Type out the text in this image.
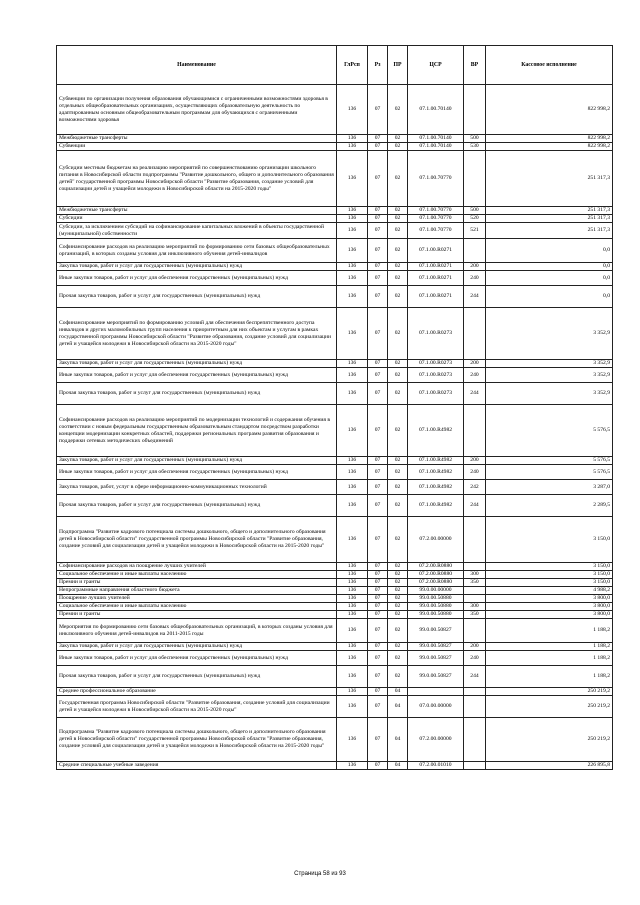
Наименование	ГлРсп	Рз	ПР	ЦСР	ВР	Кассовое исполнение
Субвенции по организации получения образования обучающимися с ограниченными возможностями здоровья в отдельных общеобразовательных организациях, осуществляющих образовательную деятельность по адаптированным основным общеобразовательным программам для обучающихся с ограниченными возможностями здоровья	136	07	02	07.1.00.70140		822 998,2
Межбюджетные трансферты	136	07	02	07.1.00.70140	500	822 998,2
Субвенции	136	07	02	07.1.00.70140	530	822 998,2
Субсидии местным бюджетам на реализацию мероприятий по совершенствованию организации школьного питания в Новосибирской области подпрограммы "Развитие дошкольного, общего и дополнительного образования детей" государственной программы Новосибирской области "Развитие образования, создание условий для социализации детей и учащейся молодежи в Новосибирской области на 2015-2020 годы"	136	07	02	07.1.00.70770		251 317,3
Межбюджетные трансферты	136	07	02	07.1.00.70770	500	251 317,3
Субсидии	136	07	02	07.1.00.70770	520	251 317,3
Субсидии, за исключением субсидий на софинансирование капитальных вложений в объекты государственной (муниципальной) собственности	136	07	02	07.1.00.70770	521	251 317,3
Софинансирование расходов на реализацию мероприятий по формированию сети базовых общеобразовательных организаций, в которых созданы условия для инклюзивного обучения детей-инвалидов	136	07	02	07.1.00.R0271		0,0
Закупка товаров, работ и услуг для государственных (муниципальных) нужд	136	07	02	07.1.00.R0271	200	0,0
Иные закупки товаров, работ и услуг для обеспечения государственных (муниципальных) нужд	136	07	02	07.1.00.R0271	240	0,0
Прочая закупка товаров, работ и услуг для государственных (муниципальных) нужд	136	07	02	07.1.00.R0271	244	0,0
Софинансирование мероприятий по формированию условий для обеспечения беспрепятственного доступа инвалидов и других маломобильных групп населения к приоритетным для них объектам и услугам в рамках государственной программы Новосибирской области "Развитие образования, создание условий для социализации детей и учащейся молодежи в Новосибирской области на 2015-2020 годы"	136	07	02	07.1.00.R0273		3 352,9
Закупка товаров, работ и услуг для государственных (муниципальных) нужд	136	07	02	07.1.00.R0273	200	3 352,9
Иные закупки товаров, работ и услуг для обеспечения государственных (муниципальных) нужд	136	07	02	07.1.00.R0273	240	3 352,9
Прочая закупка товаров, работ и услуг для государственных (муниципальных) нужд	136	07	02	07.1.00.R0273	244	3 352,9
Софинансирование расходов на реализацию мероприятий по модернизации технологий и содержания обучения в соответствии с новым федеральным государственным образовательным стандартом посредством разработки концепции модернизации конкретных областей, поддержки региональных программ развития образования и поддержки сетевых методических объединений	136	07	02	07.1.00.R4982		5 576,5
Закупка товаров, работ и услуг для государственных (муниципальных) нужд	136	07	02	07.1.00.R4982	200	5 576,5
Иные закупки товаров, работ и услуг для обеспечения государственных (муниципальных) нужд	136	07	02	07.1.00.R4982	240	5 576,5
Закупка товаров, работ, услуг в сфере информационно-коммуникационных технологий	136	07	02	07.1.00.R4982	242	3 287,0
Прочая закупка товаров, работ и услуг для государственных (муниципальных) нужд	136	07	02	07.1.00.R4982	244	2 289,5
Подпрограмма "Развитие кадрового потенциала системы дошкольного, общего и дополнительного образования детей в Новосибирской области" государственной программы Новосибирской области "Развитие образования, создание условий для социализации детей и учащейся молодежи в Новосибирской области на 2015-2020 годы"	136	07	02	07.2.00.00000		3 150,0
Софинансирование расходов на поощрение лучших учителей	136	07	02	07.2.00.R0880		3 150,0
Социальное обеспечение и иные выплаты населению	136	07	02	07.2.00.R0880	300	3 150,0
Премии и гранты	136	07	02	07.2.00.R0880	350	3 150,0
Непрограммные направления областного бюджета	136	07	02	99.0.00.00000		4 988,2
Поощрение лучших учителей	136	07	02	99.0.00.50880		3 800,0
Социальное обеспечение и иные выплаты населению	136	07	02	99.0.00.50880	300	3 800,0
Премии и гранты	136	07	02	99.0.00.50880	350	3 800,0
Мероприятия по формированию сети базовых общеобразовательных организаций, в которых созданы условия для инклюзивного обучения детей-инвалидов на 2011-2015 годы	136	07	02	99.0.00.50827		1 188,2
Закупка товаров, работ и услуг для государственных (муниципальных) нужд	136	07	02	99.0.00.50827	200	1 188,2
Иные закупки товаров, работ и услуг для обеспечения государственных (муниципальных) нужд	136	07	02	99.0.00.50827	240	1 188,2
Прочая закупка товаров, работ и услуг для государственных (муниципальных) нужд	136	07	02	99.0.00.50827	244	1 188,2
Среднее профессиональное образование	136	07	04			250 219,2
Государственная программа Новосибирской области "Развитие образования, создание условий для социализации детей и учащейся молодежи в Новосибирской области на 2015-2020 годы"	136	07	04	07.0.00.00000		250 219,2
Подпрограмма "Развитие кадрового потенциала системы дошкольного, общего и дополнительного образования детей в Новосибирской области" государственной программы Новосибирской области "Развитие образования, создание условий для социализации детей и учащейся молодежи в Новосибирской области на 2015-2020 годы"	136	07	04	07.2.00.00000		250 219,2
Средние специальные учебные заведения	136	07	04	07.2.00.01010		226 895,8
Страница 58 из 93
